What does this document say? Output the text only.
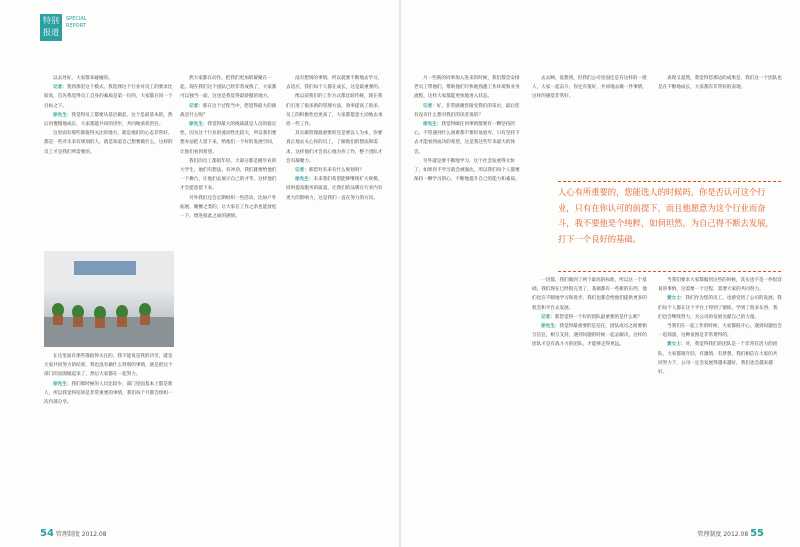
特别
报道
SPECIAL
REPORT

以去处好，大家都来碰碰的。

记者：我到那里这个模式，我选择这个行业对员工的要求比较高，首先我觉得员工自身的素质是第一位的，大家都在同一个目标之下。

徐先生：我觉得员工都要从基层做起，这个是最基本的，然后再慢慢地成长，大家都能共同的进步，共同地承担责任。

这里面有那些都值得关注的地方，就是他们的心态非常好，都是一些对未来有规划的人，就是知道自己想要做什么，这样的员工才是我们所需要的。

在这里面有那些都值得关注的，我不能说是我的功劳，就是大家共同努力的结果，我也没有做什么特别的事情，就是把这个部门的氛围做起来了，然后大家都在一起努力。

徐先生：我们那时候的人员比较少，部门里面基本上都是新人，所以我觉得培训是非常重要的事情，我们每个月都会组织一次内部分享。

然大家都在动作，把我们更加的凝聚在一起，现在我们这个团队已经非常成熟了，大家都可以独当一面，这也是我觉得最骄傲的地方。

记者：那在这个过程当中，您觉得最大的挑战是什么呢？

徐先生：我觉得最大的挑战就是人员的稳定性，因为这个行业的流动性比较大，所以我们要想办法把人留下来，给他们一个好的发展空间，让他们看到希望。

我们的员工都很年轻，大部分都是刚毕业的大学生，他们有想法，有冲劲，我们就要给他们一个舞台，让他们去展示自己的才华，这样他们才会愿意留下来。

另外我们还会定期组织一些活动，比如户外拓展、聚餐之类的，让大家在工作之余也能放松一下，增进彼此之间的感情。

没有想到的事情，所以就要不断地去学习，去适应，我们每个人都在成长，这是最重要的。

像以前我们的工作方式都比较传统，现在我们引进了很多新的管理方法，效率提高了很多，员工的积极性也更高了，大家都愿意主动地去承担一些工作。

其实做管理最重要的还是要以人为本，你要真正地去关心你的员工，了解他们的想法和需求，这样他们才会真心地为你工作，整个团队才会有凝聚力。

记者：那您对未来有什么规划吗？

徐先生：未来我们希望能够继续扩大规模，同时提高服务的质量，让我们的品牌在行业内有更大的影响力，这是我们一直在努力的方向。

月一些新的同事加入进来的时候，我们都会安排老员工带他们，帮助他们尽快地熟悉工作环境和业务流程，这样大家都能更快地进入状态。

记者：好，非常感谢您接受我们的采访，最后您有没有什么想对我们的读者说的？

徐先生：我觉得做任何事情都要有一颗坚持的心，不管遇到什么困难都不要轻易放弃，只有坚持下去才能看到成功的希望，这是我这些年来最大的体会。

另外就是要不断地学习，这个社会发展得太快了，如果你不学习就会被淘汰，所以我们每个人都要保持一颗学习的心，不断地提升自己的能力和素质。

去去啊，没想到，但我们公司里面还是有这样的一批人，大家一起奋斗，你还有很好，共同地去做一件事情，这样的感觉非常好。

人心有所重要的，您能选人的时候吗，你是否认可这个行业，只有在你认可的前提下，而且他愿意为这个行业而奋斗，我不要他是个纯粹，如何坦然，为自己得不断去发展，打下一个良好的基础。

表现又超然，我觉得您那边的成果是，我们这一个团队也是在不断地成长，大家都有非常好的表现。

一切都，我们做到了两个最高的标准，所以这一个基础，我们现在已经很完善了，基础都有一些新的东西，他们也在不断地学习和进步，我们也都会给他们提供更多的机会和平台去发展。

记者：那您觉得一个好的团队最重要的是什么呢？

徐先生：我觉得最重要的是信任，团队成员之间要相互信任，相互支持，遇到问题的时候一起去解决，这样的团队才是有战斗力的团队，才能够走得更远。

当我们要求大家都做到这些的时候，其实也不是一件很容易的事情，这需要一个过程，需要大家的共同努力。

黄女士：我们作为您的员工，也感受到了公司的发展，我们每个人都在这个平台上得到了锻炼，学到了很多东西，我们也会继续努力，为公司的发展贡献自己的力量。

当我们在一起工作的时候，大家都很开心，遇到问题也会一起商量，这种氛围是非常难得的。

黄女士：对，我觉得我们的团队是一个非常有活力的团队，大家都很年轻，有激情，有梦想，我们相信在大家的共同努力下，公司一定会发展得越来越好，我们也会越来越好。

54 管理制度 2012.08	管理制度 2012.08 55
